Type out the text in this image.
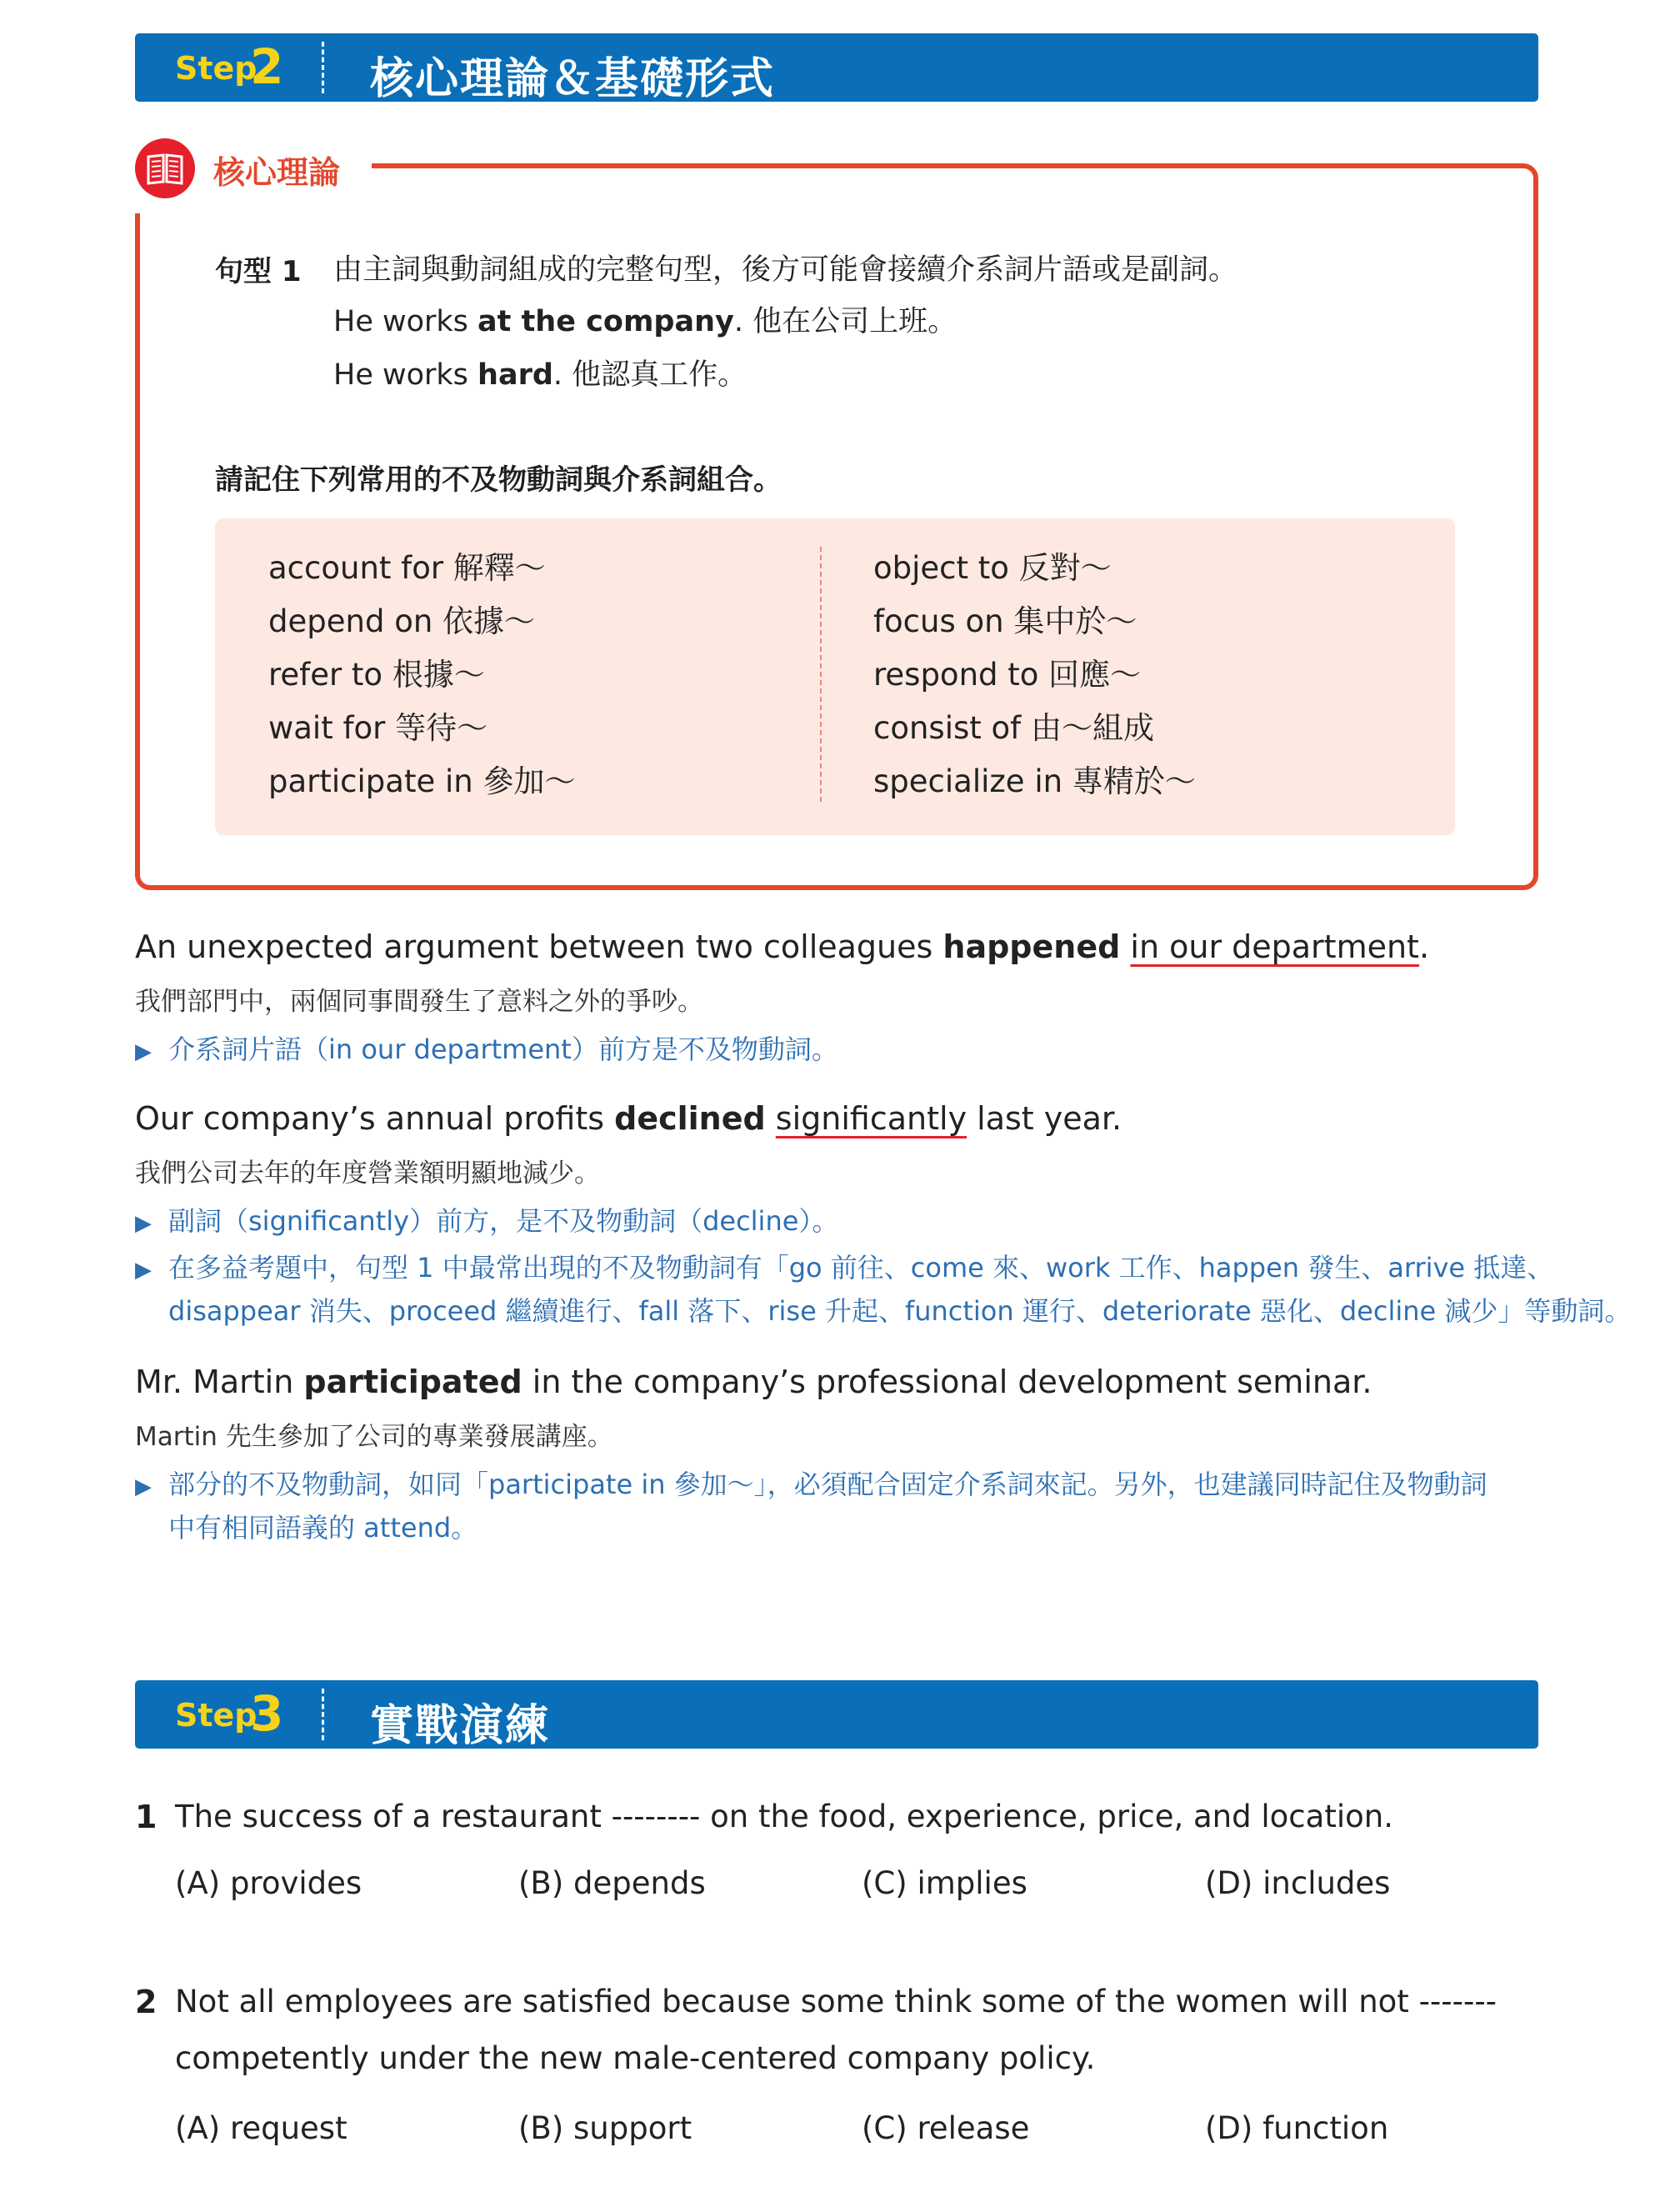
Step
2 核心理論＆基礎形式
核心理論
句型 1 由主詞與動詞組成的完整句型，後方可能會接續介系詞片語或是副詞。
He works at the company. 他在公司上班。
He works hard. 他認真工作。
請記住下列常用的不及物動詞與介系詞組合。
account for 解釋～
depend on 依據～
refer to 根據～
wait for 等待～
participate in 參加～
object to 反對～
focus on 集中於～
respond to 回應～
consist of 由～組成
specialize in 專精於～
An unexpected argument between two colleagues happened in our department.
我們部門中，兩個同事間發生了意料之外的爭吵。
▶ 介系詞片語（in our department）前方是不及物動詞。
Our company’s annual profits declined significantly last year.
我們公司去年的年度營業額明顯地減少。
▶ 副詞（significantly）前方，是不及物動詞（decline）。
▶ 在多益考題中，句型 1 中最常出現的不及物動詞有「go 前往、come 來、work 工作、happen 發生、arrive 抵達、
disappear 消失、proceed 繼續進行、fall 落下、rise 升起、function 運行、deteriorate 惡化、decline 減少」等動詞。
Mr. Martin participated in the company’s professional development seminar.
Martin 先生參加了公司的專業發展講座。
▶ 部分的不及物動詞，如同「participate in 參加～」，必須配合固定介系詞來記。另外，也建議同時記住及物動詞
中有相同語義的 attend。
Step
3 實戰演練
1 The success of a restaurant -------- on the food, experience, price, and location.
(A) provides	(B) depends	(C) implies	(D) includes
2 Not all employees are satisfied because some think some of the women will not -------
competently under the new male-centered company policy.
(A) request	(B) support	(C) release	(D) function
